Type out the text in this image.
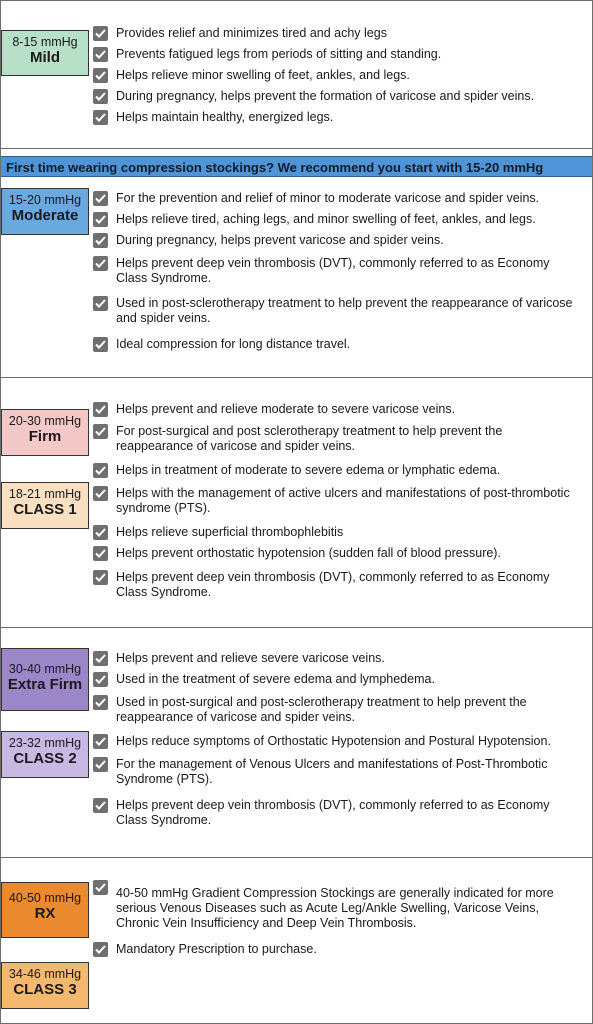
8-15 mmHg
Mild
Provides relief and minimizes tired and achy legs
Prevents fatigued legs from periods of sitting and standing.
Helps relieve minor swelling of feet, ankles, and legs.
During pregnancy, helps prevent the formation of varicose and spider veins.
Helps maintain healthy, energized legs.
First time wearing compression stockings? We recommend you start with 15-20 mmHg
15-20 mmHg
Moderate
For the prevention and relief of minor to moderate varicose and spider veins.
Helps relieve tired, aching legs, and minor swelling of feet, ankles, and legs.
During pregnancy, helps prevent varicose and spider veins.
Helps prevent deep vein thrombosis (DVT), commonly referred to as Economy Class Syndrome.
Used in post-sclerotherapy treatment to help prevent the reappearance of varicose and spider veins.
Ideal compression for long distance travel.
20-30 mmHg
Firm
18-21 mmHg
CLASS 1
Helps prevent and relieve moderate to severe varicose veins.
For post-surgical and post sclerotherapy treatment to help prevent the reappearance of varicose and spider veins.
Helps in treatment of moderate to severe edema or lymphatic edema.
Helps with the management of active ulcers and manifestations of post-thrombotic syndrome (PTS).
Helps relieve superficial thrombophlebitis
Helps prevent orthostatic hypotension (sudden fall of blood pressure).
Helps prevent deep vein thrombosis (DVT), commonly referred to as Economy Class Syndrome.
30-40 mmHg
Extra Firm
23-32 mmHg
CLASS 2
Helps prevent and relieve severe varicose veins.
Used in the treatment of severe edema and lymphedema.
Used in post-surgical and post-sclerotherapy treatment to help prevent the reappearance of varicose and spider veins.
Helps reduce symptoms of Orthostatic Hypotension and Postural Hypotension.
For the management of Venous Ulcers and manifestations of Post-Thrombotic Syndrome (PTS).
Helps prevent deep vein thrombosis (DVT), commonly referred to as Economy Class Syndrome.
40-50 mmHg
RX
34-46 mmHg
CLASS 3
40-50 mmHg Gradient Compression Stockings are generally indicated for more serious Venous Diseases such as Acute Leg/Ankle Swelling, Varicose Veins, Chronic Vein Insufficiency and Deep Vein Thrombosis.
Mandatory Prescription to purchase.
